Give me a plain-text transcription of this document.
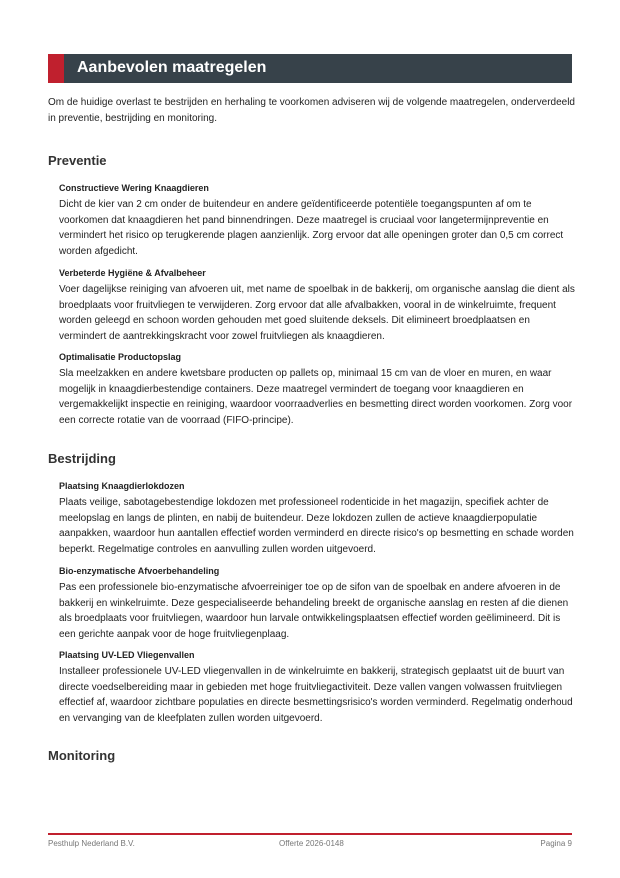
Aanbevolen maatregelen

Om de huidige overlast te bestrijden en herhaling te voorkomen adviseren wij de volgende maatregelen, onderverdeeld in preventie, bestrijding en monitoring.

Preventie

Constructieve Wering Knaagdieren

Dicht de kier van 2 cm onder de buitendeur en andere geïdentificeerde potentiële toegangspunten af om te voorkomen dat knaagdieren het pand binnendringen. Deze maatregel is cruciaal voor langetermijnpreventie en vermindert het risico op terugkerende plagen aanzienlijk. Zorg ervoor dat alle openingen groter dan 0,5 cm correct worden afgedicht.

Verbeterde Hygiëne & Afvalbeheer

Voer dagelijkse reiniging van afvoeren uit, met name de spoelbak in de bakkerij, om organische aanslag die dient als broedplaats voor fruitvliegen te verwijderen. Zorg ervoor dat alle afvalbakken, vooral in de winkelruimte, frequent worden geleegd en schoon worden gehouden met goed sluitende deksels. Dit elimineert broedplaatsen en vermindert de aantrekkingskracht voor zowel fruitvliegen als knaagdieren.

Optimalisatie Productopslag

Sla meelzakken en andere kwetsbare producten op pallets op, minimaal 15 cm van de vloer en muren, en waar mogelijk in knaagdierbestendige containers. Deze maatregel vermindert de toegang voor knaagdieren en vergemakkelijkt inspectie en reiniging, waardoor voorraadverlies en besmetting direct worden voorkomen. Zorg voor een correcte rotatie van de voorraad (FIFO-principe).

Bestrijding

Plaatsing Knaagdierlokdozen

Plaats veilige, sabotagebestendige lokdozen met professioneel rodenticide in het magazijn, specifiek achter de meelopslag en langs de plinten, en nabij de buitendeur. Deze lokdozen zullen de actieve knaagdierpopulatie aanpakken, waardoor hun aantallen effectief worden verminderd en directe risico's op besmetting en schade worden beperkt. Regelmatige controles en aanvulling zullen worden uitgevoerd.

Bio-enzymatische Afvoerbehandeling

Pas een professionele bio-enzymatische afvoerreiniger toe op de sifon van de spoelbak en andere afvoeren in de bakkerij en winkelruimte. Deze gespecialiseerde behandeling breekt de organische aanslag en resten af die dienen als broedplaats voor fruitvliegen, waardoor hun larvale ontwikkelingsplaatsen effectief worden geëlimineerd. Dit is een gerichte aanpak voor de hoge fruitvliegenplaag.

Plaatsing UV-LED Vliegenvallen

Installeer professionele UV-LED vliegenvallen in de winkelruimte en bakkerij, strategisch geplaatst uit de buurt van directe voedselbereiding maar in gebieden met hoge fruitvliegactiviteit. Deze vallen vangen volwassen fruitvliegen effectief af, waardoor zichtbare populaties en directe besmettingsrisico's worden verminderd. Regelmatig onderhoud en vervanging van de kleefplaten zullen worden uitgevoerd.

Monitoring
Pesthulp Nederland B.V.	Offerte 2026-0148	Pagina 9
